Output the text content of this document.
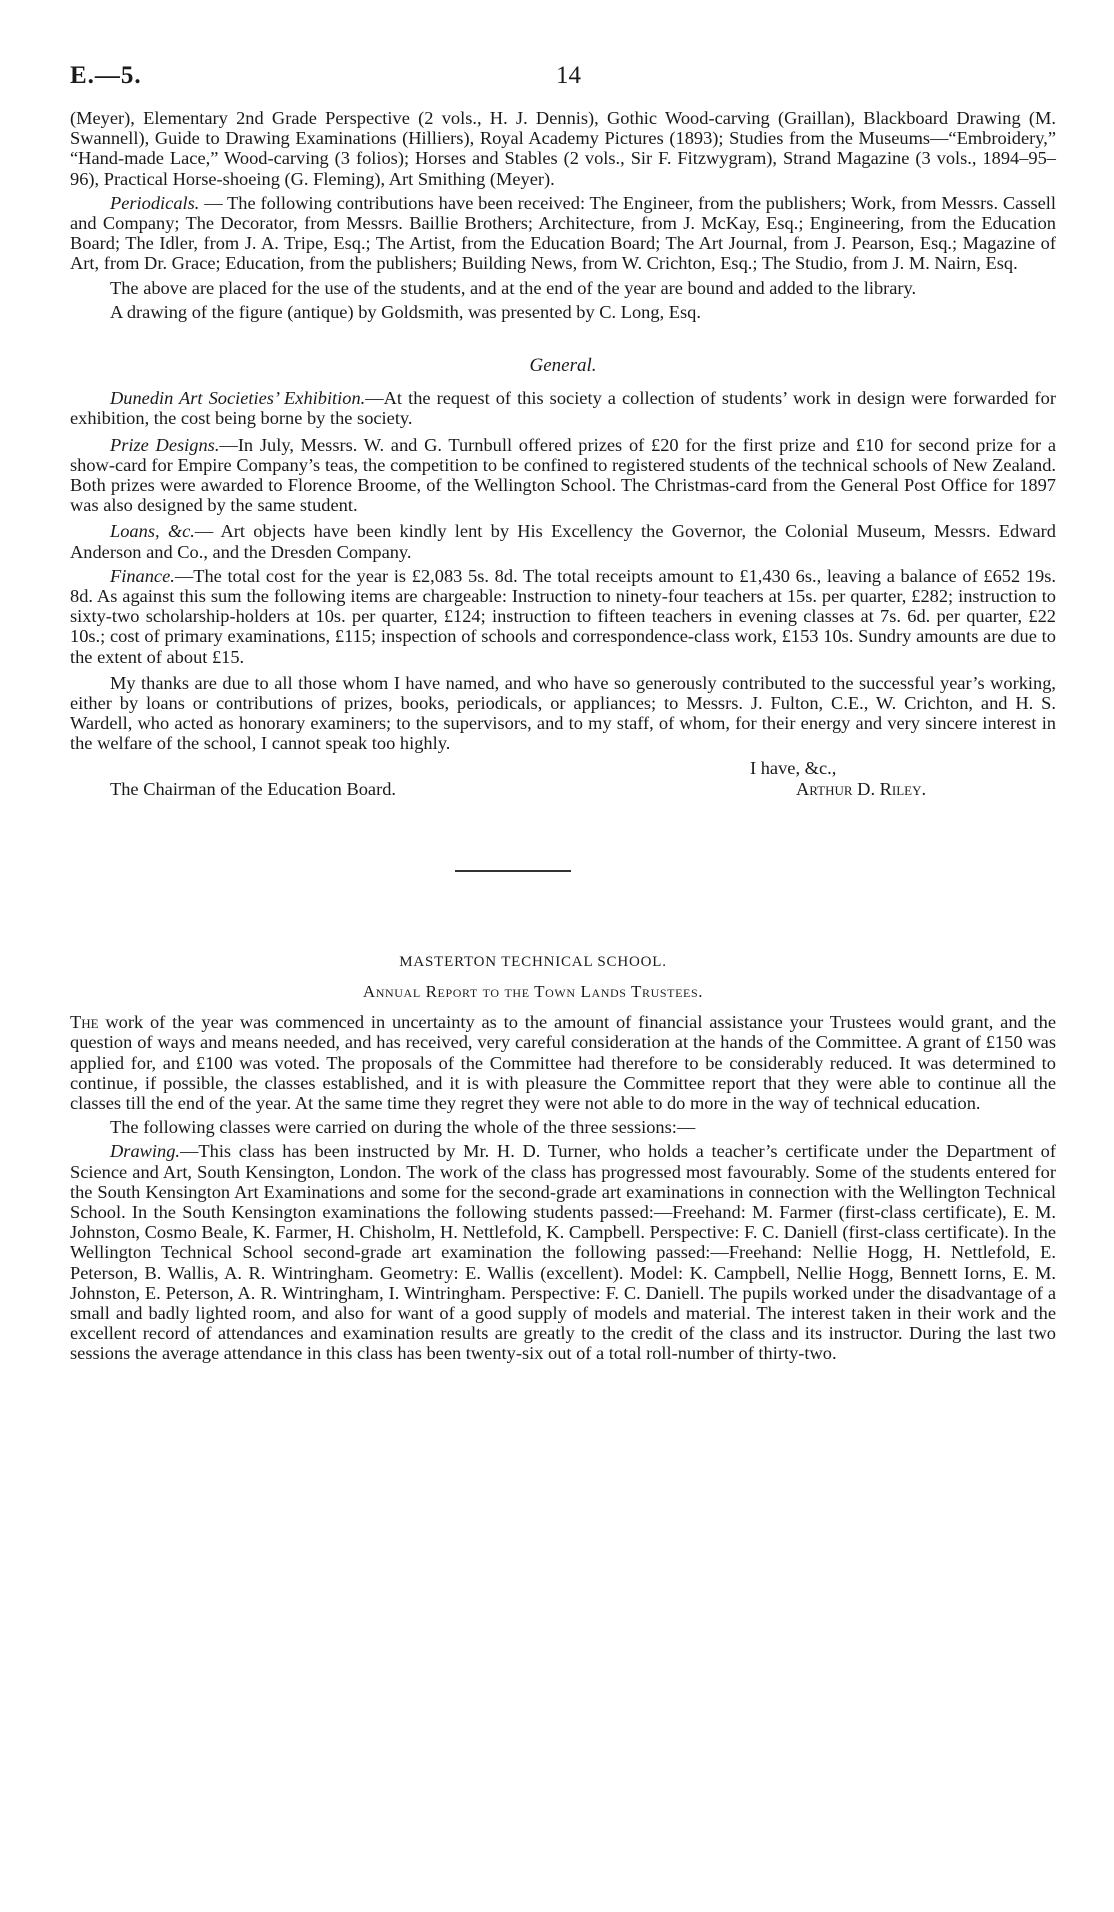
E.—5.	14

(Meyer), Elementary 2nd Grade Perspective (2 vols., H. J. Dennis), Gothic Wood-carving (Graillan), Blackboard Drawing (M. Swannell), Guide to Drawing Examinations (Hilliers), Royal Academy Pictures (1893); Studies from the Museums—“Embroidery,” “Hand-made Lace,” Wood-carving (3 folios); Horses and Stables (2 vols., Sir F. Fitzwygram), Strand Magazine (3 vols., 1894–95–96), Practical Horse-shoeing (G. Fleming), Art Smithing (Meyer).

Periodicals. — The following contributions have been received: The Engineer, from the publishers; Work, from Messrs. Cassell and Company; The Decorator, from Messrs. Baillie Brothers; Architecture, from J. McKay, Esq.; Engineering, from the Education Board; The Idler, from J. A. Tripe, Esq.; The Artist, from the Education Board; The Art Journal, from J. Pearson, Esq.; Magazine of Art, from Dr. Grace; Education, from the publishers; Building News, from W. Crichton, Esq.; The Studio, from J. M. Nairn, Esq.

The above are placed for the use of the students, and at the end of the year are bound and added to the library.

A drawing of the figure (antique) by Goldsmith, was presented by C. Long, Esq.

General.

Dunedin Art Societies’ Exhibition.—At the request of this society a collection of students’ work in design were forwarded for exhibition, the cost being borne by the society.

Prize Designs.—In July, Messrs. W. and G. Turnbull offered prizes of £20 for the first prize and £10 for second prize for a show-card for Empire Company’s teas, the competition to be confined to registered students of the technical schools of New Zealand. Both prizes were awarded to Florence Broome, of the Wellington School. The Christmas-card from the General Post Office for 1897 was also designed by the same student.

Loans, &c.— Art objects have been kindly lent by His Excellency the Governor, the Colonial Museum, Messrs. Edward Anderson and Co., and the Dresden Company.

Finance.—The total cost for the year is £2,083 5s. 8d. The total receipts amount to £1,430 6s., leaving a balance of £652 19s. 8d. As against this sum the following items are chargeable: Instruction to ninety-four teachers at 15s. per quarter, £282; instruction to sixty-two scholarship-holders at 10s. per quarter, £124; instruction to fifteen teachers in evening classes at 7s. 6d. per quarter, £22 10s.; cost of primary examinations, £115; inspection of schools and correspondence-class work, £153 10s. Sundry amounts are due to the extent of about £15.

My thanks are due to all those whom I have named, and who have so generously contributed to the successful year’s working, either by loans or contributions of prizes, books, periodicals, or appliances; to Messrs. J. Fulton, C.E., W. Crichton, and H. S. Wardell, who acted as honorary examiners; to the supervisors, and to my staff, of whom, for their energy and very sincere interest in the welfare of the school, I cannot speak too highly.

I have, &c.,
The Chairman of the Education Board.	Arthur D. Riley.
MASTERTON TECHNICAL SCHOOL.
Annual Report to the Town Lands Trustees.

The work of the year was commenced in uncertainty as to the amount of financial assistance your Trustees would grant, and the question of ways and means needed, and has received, very careful consideration at the hands of the Committee. A grant of £150 was applied for, and £100 was voted. The proposals of the Committee had therefore to be considerably reduced. It was determined to continue, if possible, the classes established, and it is with pleasure the Committee report that they were able to continue all the classes till the end of the year. At the same time they regret they were not able to do more in the way of technical education.

The following classes were carried on during the whole of the three sessions:—

Drawing.—This class has been instructed by Mr. H. D. Turner, who holds a teacher’s certificate under the Department of Science and Art, South Kensington, London. The work of the class has progressed most favourably. Some of the students entered for the South Kensington Art Examinations and some for the second-grade art examinations in connection with the Wellington Technical School. In the South Kensington examinations the following students passed:—Freehand: M. Farmer (first-class certificate), E. M. Johnston, Cosmo Beale, K. Farmer, H. Chisholm, H. Nettlefold, K. Campbell. Perspective: F. C. Daniell (first-class certificate). In the Wellington Technical School second-grade art examination the following passed:—Freehand: Nellie Hogg, H. Nettlefold, E. Peterson, B. Wallis, A. R. Wintringham. Geometry: E. Wallis (excellent). Model: K. Campbell, Nellie Hogg, Bennett Iorns, E. M. Johnston, E. Peterson, A. R. Wintringham, I. Wintringham. Perspective: F. C. Daniell. The pupils worked under the disadvantage of a small and badly lighted room, and also for want of a good supply of models and material. The interest taken in their work and the excellent record of attendances and examination results are greatly to the credit of the class and its instructor. During the last two sessions the average attendance in this class has been twenty-six out of a total roll-number of thirty-two.
